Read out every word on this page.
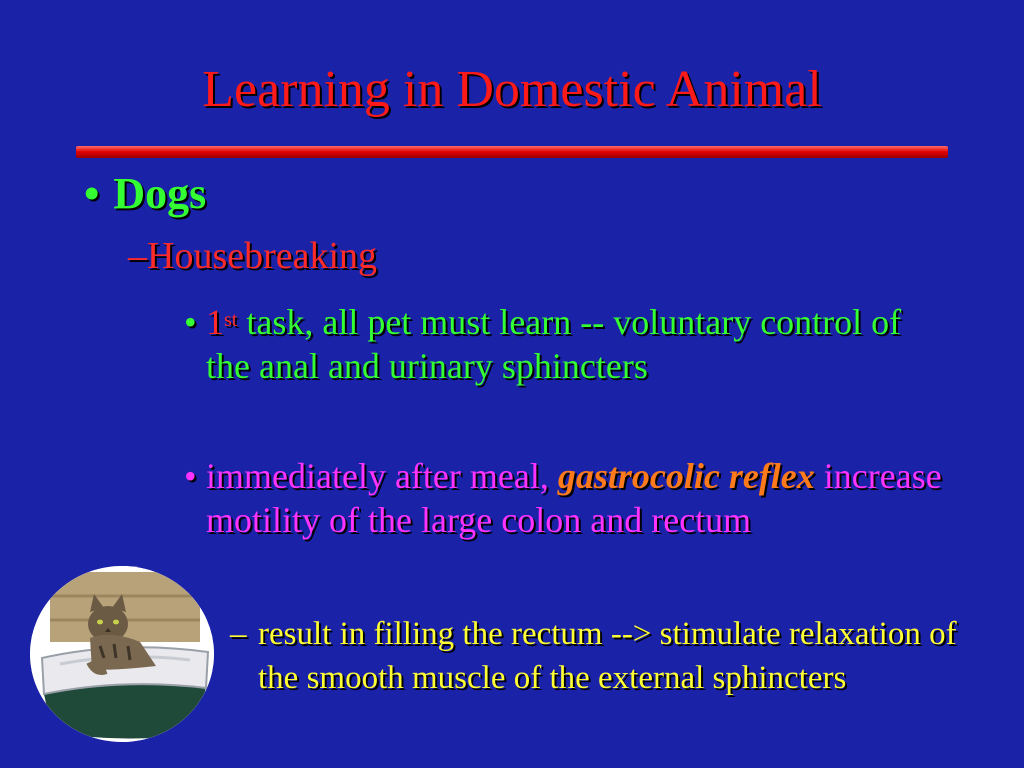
Learning in Domestic Animal
• Dogs
–Housebreaking
• 1st task, all pet must learn -- voluntary control of the anal and urinary sphincters
• immediately after meal, gastrocolic reflex increase motility of the large colon and rectum
– result in filling the rectum --> stimulate relaxation of the smooth muscle of the external sphincters
